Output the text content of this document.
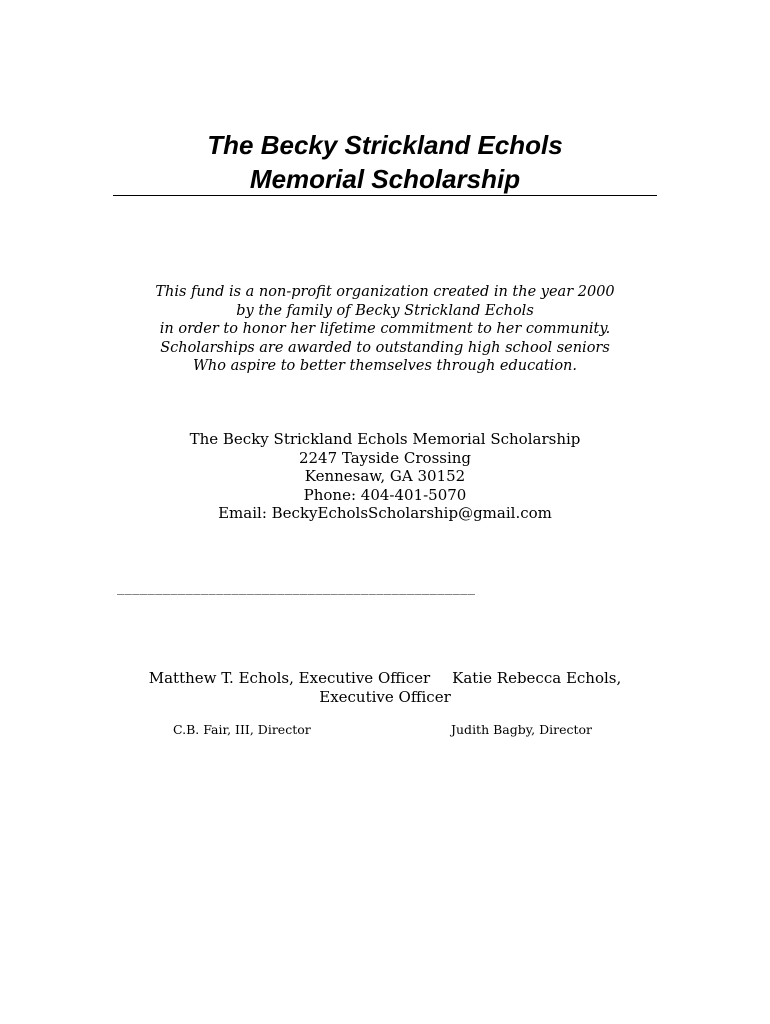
The Becky Strickland Echols
Memorial Scholarship
This fund is a non-profit organization created in the year 2000
by the family of Becky Strickland Echols
in order to honor her lifetime commitment to her community.
Scholarships are awarded to outstanding high school seniors
Who aspire to better themselves through education.
The Becky Strickland Echols Memorial Scholarship
2247 Tayside Crossing
Kennesaw, GA 30152
Phone: 404-401-5070
Email: BeckyEcholsScholarship@gmail.com
_______________________________________________
Matthew T. Echols, Executive Officer Katie Rebecca Echols,
Executive Officer
C.B. Fair, III, Director	Judith Bagby, Director
